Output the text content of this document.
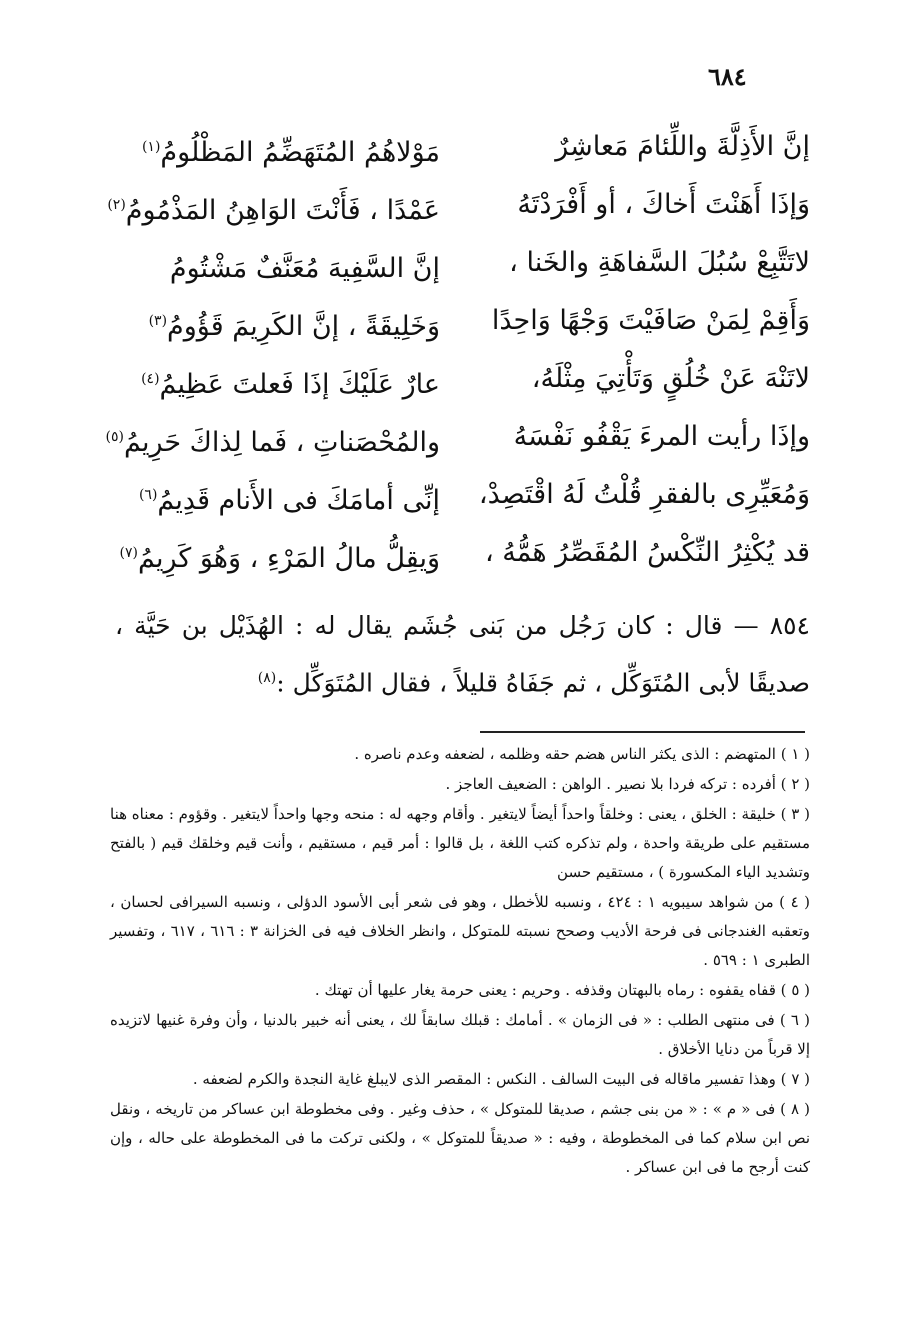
٦٨٤
إنَّ الأَذِلَّةَ واللِّئامَ مَعاشِرٌ
مَوْلاهُمُ المُتَهَضِّمُ المَظْلُومُ$^{(١)}$
وَإذَا أَهَنْتَ أَخاكَ ، أو أَفْرَدْتَهُ
عَمْدًا ، فَأَنْتَ الوَاهِنُ المَذْمُومُ$^{(٢)}$
لاتَتَّبِعْ سُبُلَ السَّفاهَةِ والخَنا ،
إنَّ السَّفِيهَ مُعَنَّفٌ مَشْتُومُ
وَأَقِمْ لِمَنْ صَافَيْتَ وَجْهًا وَاحِدًا
وَخَلِيقَةً ، إنَّ الكَرِيمَ قَؤُومُ$^{(٣)}$
لاتَنْهَ عَنْ خُلُقٍ وَتَأْتِيَ مِثْلَهُ،
عارٌ عَلَيْكَ إذَا فَعلتَ عَظِيمُ$^{(٤)}$
وإذَا رأيت المرءَ يَقْفُو نَفْسَهُ
والمُحْصَناتِ ، فَما لِذاكَ حَرِيمُ$^{(٥)}$
وَمُعَيِّرِى بالفقرِ قُلْتُ لَهُ اقْتَصِدْ،
إنِّى أمامَكَ فى الأَنام قَدِيمُ$^{(٦)}$
قد يُكْثِرُ النِّكْسُ المُقَصِّرُ هَمُّهُ ،
وَيقِلُّ مالُ المَرْءِ ، وَهُوَ كَرِيمُ$^{(٧)}$
٨٥٤ — قال : كان رَجُل من بَنى جُشَم يقال له : الهُذَيْل بن حَيَّة ، صديقًا لأبى المُتَوَكِّل ، ثم جَفَاهُ قليلاً ، فقال المُتَوَكِّل :$^{(٨)}$

( ١ ) المتهضم : الذى يكثر الناس هضم حقه وظلمه ، لضعفه وعدم ناصره .

( ٢ ) أفرده : تركه فردا بلا نصير . الواهن : الضعيف العاجز .

( ٣ ) خليقة : الخلق ، يعنى : وخلقاً واحداً أيضاً لايتغير . وأقام وجهه له : منحه وجها واحداً لايتغير . وقؤوم : معناه هنا مستقيم على طريقة واحدة ، ولم تذكره كتب اللغة ، بل قالوا : أمر قيم ، مستقيم ، وأنت قيم وخلقك قيم ( بالفتح وتشديد الياء المكسورة ) ، مستقيم حسن

( ٤ ) من شواهد سيبويه ١ : ٤٢٤ ، ونسبه للأخطل ، وهو فى شعر أبى الأسود الدؤلى ، ونسبه السيرافى لحسان ، وتعقبه الغندجانى فى فرحة الأديب وصحح نسبته للمتوكل ، وانظر الخلاف فيه فى الخزانة ٣ : ٦١٦ ، ٦١٧ ، وتفسير الطبرى ١ : ٥٦٩ .

( ٥ ) قفاه يقفوه : رماه بالبهتان وقذفه . وحريم : يعنى حرمة يغار عليها أن تهتك .

( ٦ ) فى منتهى الطلب : « فى الزمان » . أمامك : قبلك سابقاً لك ، يعنى أنه خبير بالدنيا ، وأن وفرة غنيها لاتزيده إلا قرباً من دنايا الأخلاق .

( ٧ ) وهذا تفسير ماقاله فى البيت السالف . النكس : المقصر الذى لايبلغ غاية النجدة والكرم لضعفه .

( ٨ ) فى « م » : « من بنى جشم ، صديقا للمتوكل » ، حذف وغير . وفى مخطوطة ابن عساكر من تاريخه ، ونقل نص ابن سلام كما فى المخطوطة ، وفيه : « صديقاً للمتوكل » ، ولكنى تركت ما فى المخطوطة على حاله ، وإن كنت أرجح ما فى ابن عساكر .
